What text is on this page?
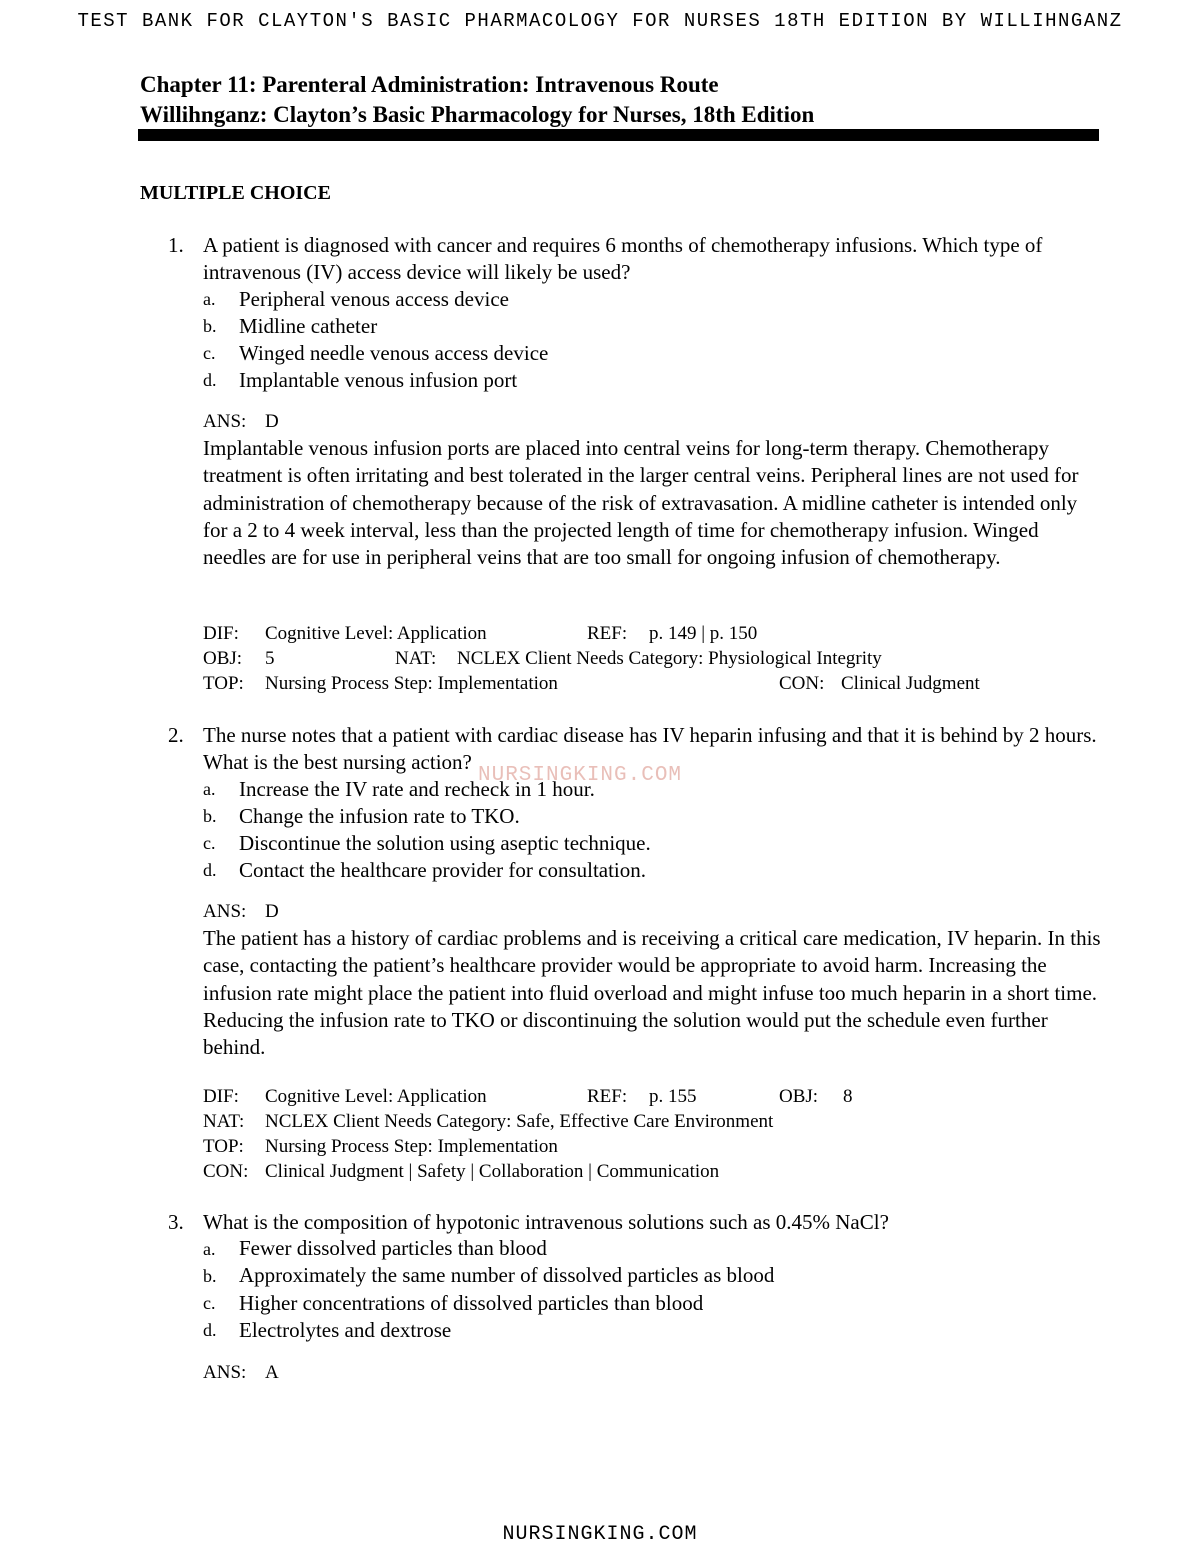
TEST BANK FOR CLAYTON'S BASIC PHARMACOLOGY FOR NURSES 18TH EDITION BY WILLIHNGANZ
Chapter 11: Parenteral Administration: Intravenous Route
Willihnganz: Clayton’s Basic Pharmacology for Nurses, 18th Edition
MULTIPLE CHOICE
1. A patient is diagnosed with cancer and requires 6 months of chemotherapy infusions. Which type of intravenous (IV) access device will likely be used?
a. Peripheral venous access device
b. Midline catheter
c. Winged needle venous access device
d. Implantable venous infusion port
ANS: D
Implantable venous infusion ports are placed into central veins for long-term therapy. Chemotherapy treatment is often irritating and best tolerated in the larger central veins. Peripheral lines are not used for administration of chemotherapy because of the risk of extravasation. A midline catheter is intended only for a 2 to 4 week interval, less than the projected length of time for chemotherapy infusion. Winged needles are for use in peripheral veins that are too small for ongoing infusion of chemotherapy.
DIF: Cognitive Level: Application	REF: p. 149 | p. 150
OBJ: 5	NAT: NCLEX Client Needs Category: Physiological Integrity
TOP: Nursing Process Step: Implementation	CON: Clinical Judgment
2. The nurse notes that a patient with cardiac disease has IV heparin infusing and that it is behind by 2 hours. What is the best nursing action?
a. Increase the IV rate and recheck in 1 hour.
b. Change the infusion rate to TKO.
c. Discontinue the solution using aseptic technique.
d. Contact the healthcare provider for consultation.
ANS: D
The patient has a history of cardiac problems and is receiving a critical care medication, IV heparin. In this case, contacting the patient’s healthcare provider would be appropriate to avoid harm. Increasing the infusion rate might place the patient into fluid overload and might infuse too much heparin in a short time. Reducing the infusion rate to TKO or discontinuing the solution would put the schedule even further behind.
DIF: Cognitive Level: Application	REF: p. 155	OBJ: 8
NAT: NCLEX Client Needs Category: Safe, Effective Care Environment
TOP: Nursing Process Step: Implementation
CON: Clinical Judgment | Safety | Collaboration | Communication
3. What is the composition of hypotonic intravenous solutions such as 0.45% NaCl?
a. Fewer dissolved particles than blood
b. Approximately the same number of dissolved particles as blood
c. Higher concentrations of dissolved particles than blood
d. Electrolytes and dextrose
ANS: A
NURSINGKING.COM
NURSINGKING.COM
